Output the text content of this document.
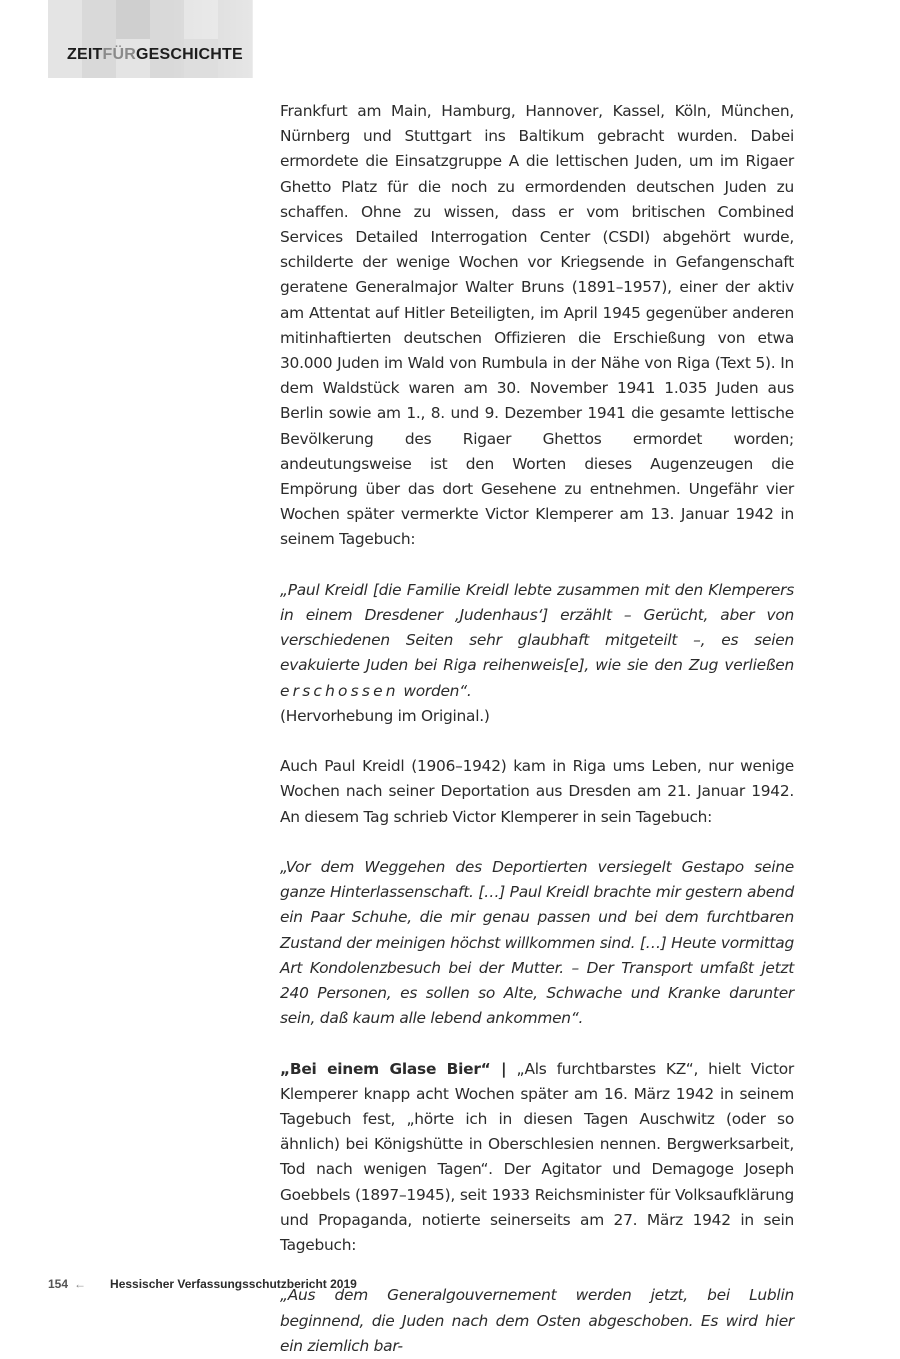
ZEITFÜRGESCHICHTE

Frankfurt am Main, Hamburg, Hannover, Kassel, Köln, München, Nürnberg und Stuttgart ins Baltikum gebracht wurden. Dabei ermordete die Einsatzgruppe A die lettischen Juden, um im Rigaer Ghetto Platz für die noch zu ermordenden deutschen Juden zu schaffen. Ohne zu wissen, dass er vom britischen Combined Services Detailed Interrogation Center (CSDI) abgehört wurde, schilderte der wenige Wochen vor Kriegsende in Gefangenschaft geratene Generalmajor Walter Bruns (1891–1957), einer der aktiv am Attentat auf Hitler Beteiligten, im April 1945 gegenüber anderen mitinhaftierten deutschen Offizieren die Erschießung von etwa 30.000 Juden im Wald von Rumbula in der Nähe von Riga (Text 5). In dem Waldstück waren am 30. November 1941 1.035 Juden aus Berlin sowie am 1., 8. und 9. Dezember 1941 die gesamte lettische Bevölkerung des Rigaer Ghettos ermordet worden; andeutungsweise ist den Worten dieses Augenzeugen die Empörung über das dort Gesehene zu entnehmen. Ungefähr vier Wochen später vermerkte Victor Klemperer am 13. Januar 1942 in seinem Tagebuch:

„Paul Kreidl [die Familie Kreidl lebte zusammen mit den Klemperers in einem Dresdener ‚Judenhaus‘] erzählt – Gerücht, aber von verschiedenen Seiten sehr glaubhaft mitgeteilt –, es seien evakuierte Juden bei Riga reihenweis[e], wie sie den Zug verließen erschossen worden“.

(Hervorhebung im Original.)

Auch Paul Kreidl (1906–1942) kam in Riga ums Leben, nur wenige Wochen nach seiner Deportation aus Dresden am 21. Januar 1942. An diesem Tag schrieb Victor Klemperer in sein Tagebuch:

„Vor dem Weggehen des Deportierten versiegelt Gestapo seine ganze Hinterlassenschaft. […] Paul Kreidl brachte mir gestern abend ein Paar Schuhe, die mir genau passen und bei dem furchtbaren Zustand der meinigen höchst willkommen sind. […] Heute vormittag Art Kondolenzbesuch bei der Mutter. – Der Transport umfaßt jetzt 240 Personen, es sollen so Alte, Schwache und Kranke darunter sein, daß kaum alle lebend ankommen“.

„Bei einem Glase Bier“ | „Als furchtbarstes KZ“, hielt Victor Klemperer knapp acht Wochen später am 16. März 1942 in seinem Tagebuch fest, „hörte ich in diesen Tagen Auschwitz (oder so ähnlich) bei Königshütte in Oberschlesien nennen. Bergwerksarbeit, Tod nach wenigen Tagen“. Der Agitator und Demagoge Joseph Goebbels (1897–1945), seit 1933 Reichsminister für Volksaufklärung und Propaganda, notierte seinerseits am 27. März 1942 in sein Tagebuch:

„Aus dem Generalgouvernement werden jetzt, bei Lublin beginnend, die Juden nach dem Osten abgeschoben. Es wird hier ein ziemlich bar-

154 ← Hessischer Verfassungsschutzbericht 2019
